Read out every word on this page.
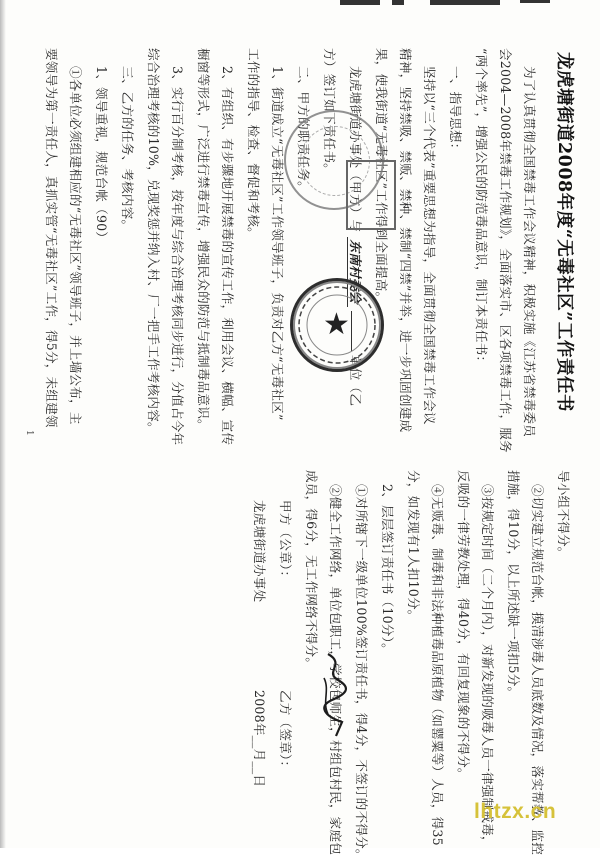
龙虎塘街道2008年度“无毒社区”工作责任书
为了认真贯彻全国禁毒工作会议精神，积极实施《江苏省禁毒委员
会2004—2008年禁毒工作规划》，全面落实市、区各项禁毒工作，服务
“两个率先”，增强公民的防范毒品意识，制订本责任书：
一、指导思想：
坚持以“三个代表”重要思想为指导，全面贯彻全国禁毒工作会议
精神，坚持禁吸、禁贩、禁种、禁制“四禁”并举，进一步巩固创建成
果，使我街道“无毒社区”工作得到全面提高。
龙虎塘街道办事处（甲方）与 东南村委会  单位（乙
方）签订如下责任书。
二、甲方的职责任务。
1、街道成立“无毒社区”工作领导班子，负责对乙方“无毒社区”
工作的指导、检查、督促和考核。
2、有组织、有步骤地开展禁毒的宣传工作，利用会议、横幅、宣传
橱窗等形式，广泛进行禁毒宣传，增强民众的防范与抵制毒品意识。
3、实行百分制考核，按年度与综合治理考核同步进行，分值占今年
综合治理考核的10%，兑现奖惩并纳入村、厂一把手工作考核内容。
三、乙方的任务、考核内容。
1、领导重视，规范台帐（90）
①各单位必须组建相应的“无毒社区”领导班子，并上墙公布，主
要领导为第一责任人，真抓实管“无毒社区”工作，得5分，未组建领
1
导小组不得分。
②切实建立规范台帐，摸清涉毒人员底数及情况，落实帮教、监控
措施，得10分，以上所述缺一项扣5分。
③按规定时间（二个月内），对新发现的吸毒人员一律强制戒毒，
反吸的一律劳教处理，得40分，有回复现象的不得分。
④无贩毒、制毒和非法种植毒品原植物（如罂粟等）人员，得35
分，如发现有1人扣10分。
2、层层签订责任书（10分）。
①对所辖下一级单位100%签订责任书，得4分，不签订的不得分。
②健全工作网络，单位包职工，学校包师生，村组包村民，家庭包
成员，得6分，无工作网络不得分。
甲方（公章）：
龙虎塘街道办事处
乙方（签章）：
2008年__月__日
★
lhtzx.cn
